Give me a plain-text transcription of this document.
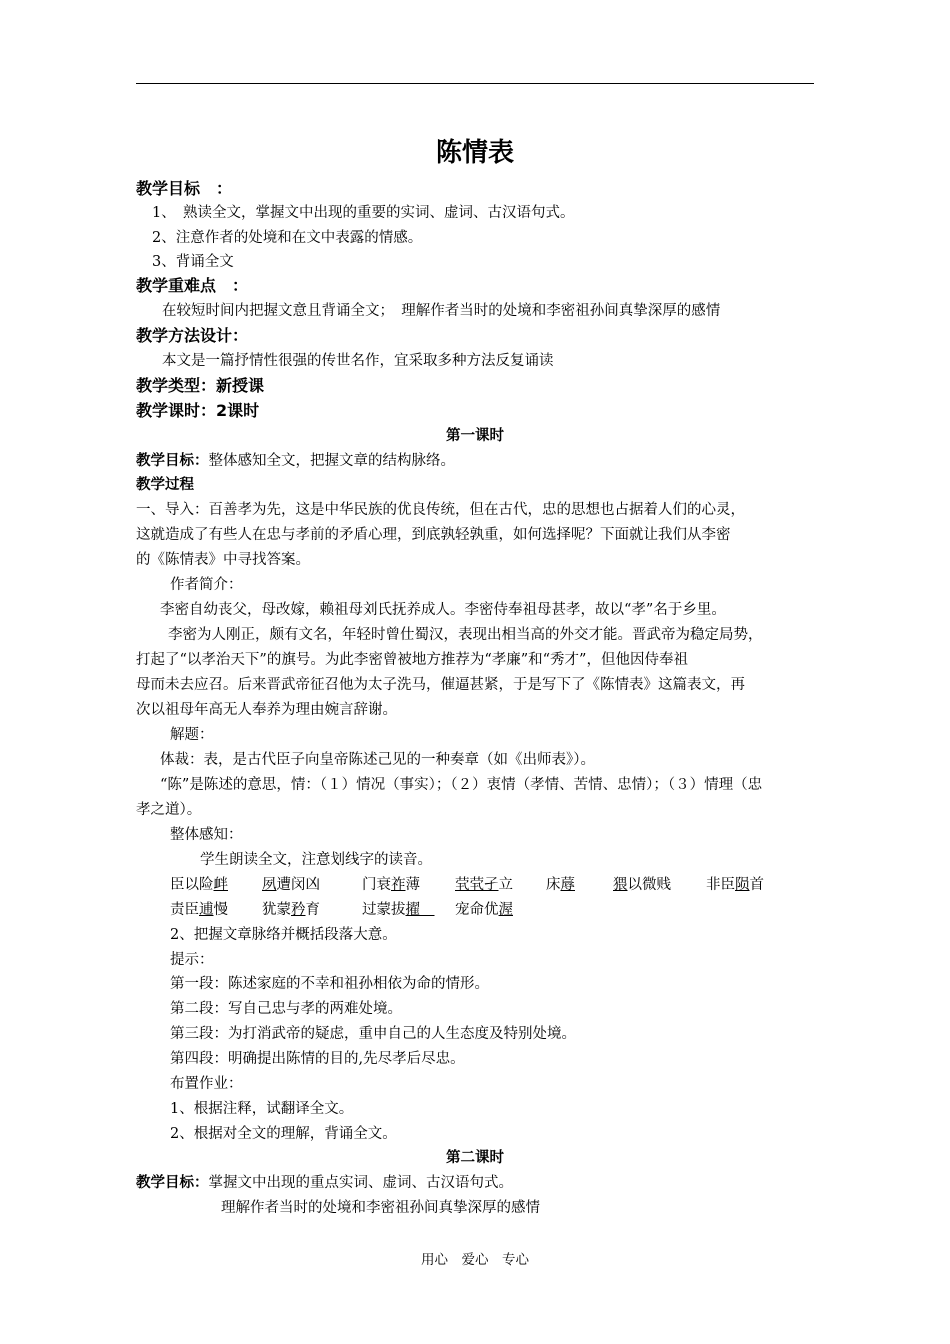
陈情表
教学目标　：
1、　熟读全文，掌握文中出现的重要的实词、虚词、古汉语句式。
2、注意作者的处境和在文中表露的情感。
3、背诵全文
教学重难点　：
在较短时间内把握文意且背诵全文；　理解作者当时的处境和李密祖孙间真挚深厚的感情
教学方法设计：
本文是一篇抒情性很强的传世名作，宜采取多种方法反复诵读
教学类型：新授课
教学课时：2课时
第一课时
教学目标：整体感知全文，把握文章的结构脉络。
教学过程
一、导入：百善孝为先，这是中华民族的优良传统，但在古代，忠的思想也占据着人们的心灵，
这就造成了有些人在忠与孝前的矛盾心理，到底孰轻孰重，如何选择呢？下面就让我们从李密
的《陈情表》中寻找答案。
作者简介：
李密自幼丧父，母改嫁，赖祖母刘氏抚养成人。李密侍奉祖母甚孝，故以“孝”名于乡里。
李密为人刚正，颇有文名，年轻时曾仕蜀汉，表现出相当高的外交才能。晋武帝为稳定局势，
打起了“以孝治天下”的旗号。为此李密曾被地方推荐为“孝廉”和“秀才”，但他因侍奉祖
母而未去应召。后来晋武帝征召他为太子洗马，催逼甚紧，于是写下了《陈情表》这篇表文，再
次以祖母年高无人奉养为理由婉言辞谢。
解题：
体裁：表，是古代臣子向皇帝陈述己见的一种奏章（如《出师表》）。
“陈”是陈述的意思，情：（１）情况（事实）；（２）衷情（孝情、苦情、忠情）；（３）情理（忠
孝之道）。
整体感知：
学生朗读全文，注意划线字的读音。
臣以险衅 夙遭闵凶	门衰祚薄 茕茕孑立 床蓐	猥以微贱 非臣陨首
责臣逋慢 犹蒙矜育	过蒙拔擢　 宠命优渥
2、把握文章脉络并概括段落大意。
提示：
第一段：陈述家庭的不幸和祖孙相依为命的情形。
第二段：写自己忠与孝的两难处境。
第三段：为打消武帝的疑虑，重申自己的人生态度及特别处境。
第四段：明确提出陈情的目的,先尽孝后尽忠。
布置作业：
1、根据注释，试翻译全文。
2、根据对全文的理解，背诵全文。
第二课时
教学目标：掌握文中出现的重点实词、虚词、古汉语句式。
理解作者当时的处境和李密祖孙间真挚深厚的感情
用心　爱心　专心
